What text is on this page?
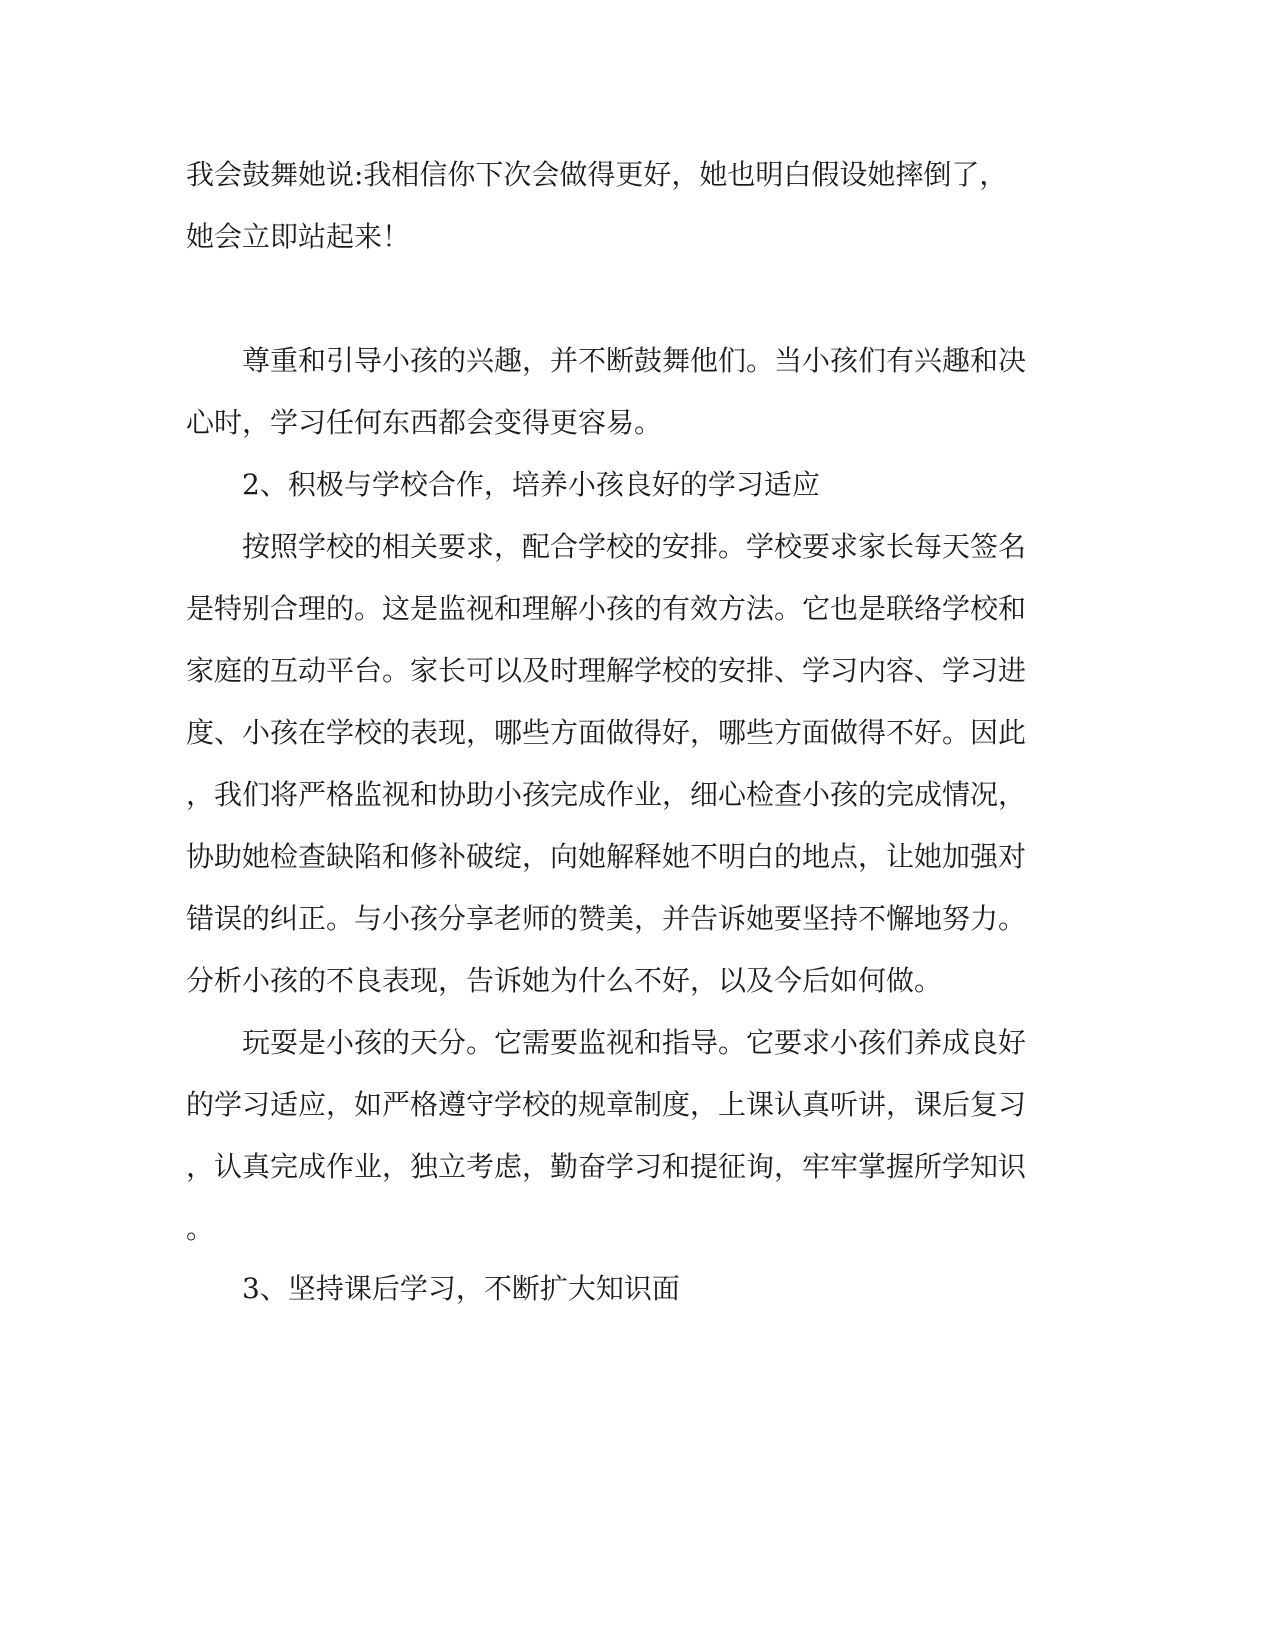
我会鼓舞她说:我相信你下次会做得更好，她也明白假设她摔倒了，

她会立即站起来！

尊重和引导小孩的兴趣，并不断鼓舞他们。当小孩们有兴趣和决

心时，学习任何东西都会变得更容易。

2、积极与学校合作，培养小孩良好的学习适应

按照学校的相关要求，配合学校的安排。学校要求家长每天签名

是特别合理的。这是监视和理解小孩的有效方法。它也是联络学校和

家庭的互动平台。家长可以及时理解学校的安排、学习内容、学习进

度、小孩在学校的表现，哪些方面做得好，哪些方面做得不好。因此

，我们将严格监视和协助小孩完成作业，细心检查小孩的完成情况，

协助她检查缺陷和修补破绽，向她解释她不明白的地点，让她加强对

错误的纠正。与小孩分享老师的赞美，并告诉她要坚持不懈地努力。

分析小孩的不良表现，告诉她为什么不好，以及今后如何做。

玩耍是小孩的天分。它需要监视和指导。它要求小孩们养成良好

的学习适应，如严格遵守学校的规章制度，上课认真听讲，课后复习

，认真完成作业，独立考虑，勤奋学习和提征询，牢牢掌握所学知识

。

3、坚持课后学习，不断扩大知识面
